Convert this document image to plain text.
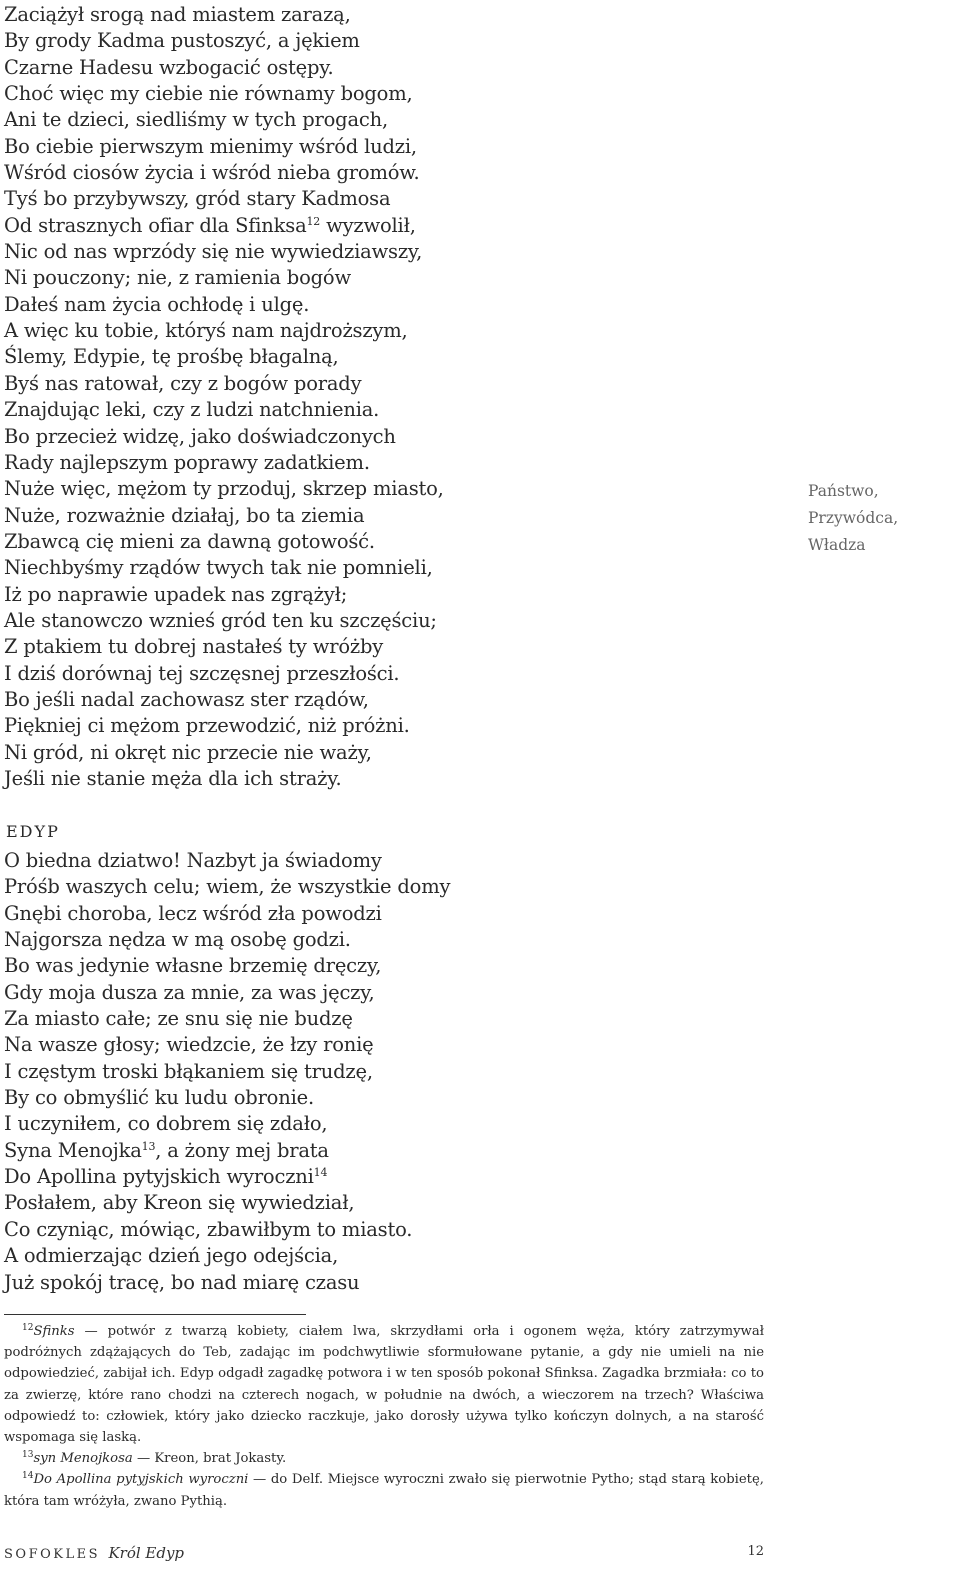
Zaciążył srogą nad miastem zarazą,
By grody Kadma pustoszyć, a jękiem
Czarne Hadesu wzbogacić ostępy.
Choć więc my ciebie nie równamy bogom,
Ani te dzieci, siedliśmy w tych progach,
Bo ciebie pierwszym mienimy wśród ludzi,
Wśród ciosów życia i wśród nieba gromów.
Tyś bo przybywszy, gród stary Kadmosa
Od strasznych ofiar dla Sfinksa$^{12}$ wyzwolił,
Nic od nas wprzódy się nie wywiedziawszy,
Ni pouczony; nie, z ramienia bogów
Dałeś nam życia ochłodę i ulgę.
A więc ku tobie, któryś nam najdroższym,
Ślemy, Edypie, tę prośbę błagalną,
Byś nas ratował, czy z bogów porady
Znajdując leki, czy z ludzi natchnienia.
Bo przecież widzę, jako doświadczonych
Rady najlepszym poprawy zadatkiem.
Nuże więc, mężom ty przoduj, skrzep miasto,
Nuże, rozważnie działaj, bo ta ziemia
Zbawcą cię mieni za dawną gotowość.
Niechbyśmy rządów twych tak nie pomnieli,
Iż po naprawie upadek nas zgrążył;
Ale stanowczo wznieś gród ten ku szczęściu;
Z ptakiem tu dobrej nastałeś ty wróżby
I dziś dorównaj tej szczęsnej przeszłości.
Bo jeśli nadal zachowasz ster rządów,
Piękniej ci mężom przewodzić, niż próżni.
Ni gród, ni okręt nic przecie nie waży,
Jeśli nie stanie męża dla ich straży.
Państwo, Przywódca, Władza
EDYP
O biedna dziatwo! Nazbyt ja świadomy
Próśb waszych celu; wiem, że wszystkie domy
Gnębi choroba, lecz wśród zła powodzi
Najgorsza nędza w mą osobę godzi.
Bo was jedynie własne brzemię dręczy,
Gdy moja dusza za mnie, za was jęczy,
Za miasto całe; ze snu się nie budzę
Na wasze głosy; wiedzcie, że łzy ronię
I częstym troski błąkaniem się trudzę,
By co obmyślić ku ludu obronie.
I uczyniłem, co dobrem się zdało,
Syna Menojka$^{13}$, a żony mej brata
Do Apollina pytyjskich wyroczni$^{14}$
Posłałem, aby Kreon się wywiedział,
Co czyniąc, mówiąc, zbawiłbym to miasto.
A odmierzając dzień jego odejścia,
Już spokój tracę, bo nad miarę czasu

$^{12}$Sfinks — potwór z twarzą kobiety, ciałem lwa, skrzydłami orła i ogonem węża, który zatrzymywał podróżnych zdążających do Teb, zadając im podchwytliwie sformułowane pytanie, a gdy nie umieli na nie odpowiedzieć, zabijał ich. Edyp odgadł zagadkę potwora i w ten sposób pokonał Sfinksa. Zagadka brzmiała: co to za zwierzę, które rano chodzi na czterech nogach, w południe na dwóch, a wieczorem na trzech? Właściwa odpowiedź to: człowiek, który jako dziecko raczkuje, jako dorosły używa tylko kończyn dolnych, a na starość wspomaga się laską.

$^{13}$syn Menojkosa — Kreon, brat Jokasty.

$^{14}$Do Apollina pytyjskich wyroczni — do Delf. Miejsce wyroczni zwało się pierwotnie Pytho; stąd starą kobietę, która tam wróżyła, zwano Pythią.

SOFOKLES Król Edyp	12
